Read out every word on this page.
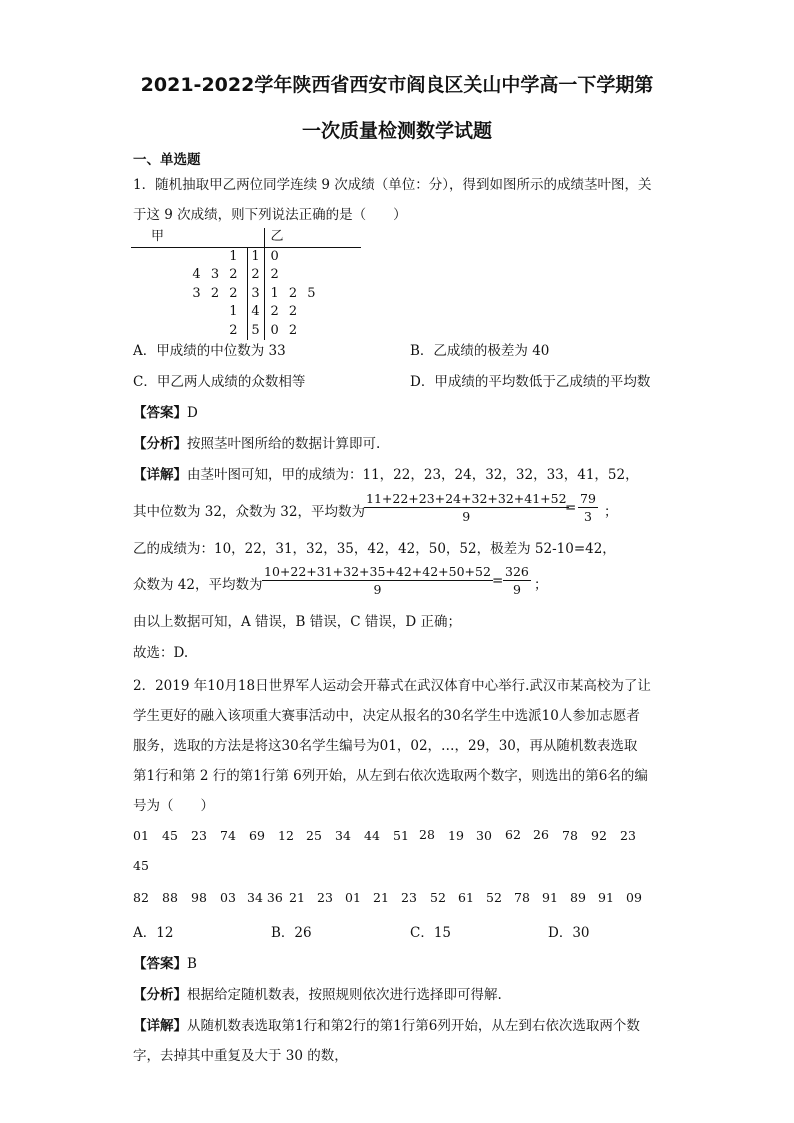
2021-2022学年陕西省西安市阎良区关山中学高一下学期第
一次质量检测数学试题
一、单选题
1．随机抽取甲乙两位同学连续 9 次成绩（单位：分），得到如图所示的成绩茎叶图，关
于这 9 次成绩，则下列说法正确的是（　　）
甲		乙
1	1	0
4 3 2	2	2
3 2 2	3	1 2 5
1	4	2 2
2	5	0 2
A．甲成绩的中位数为 33	B．乙成绩的极差为 40
C．甲乙两人成绩的众数相等	D．甲成绩的平均数低于乙成绩的平均数
【答案】D
【分析】按照茎叶图所给的数据计算即可.
【详解】由茎叶图可知，甲的成绩为：11，22，23，24，32，32，33，41，52，
其中位数为 32，众数为 32，平均数为 $\frac{11+22+23+24+32+32+41+52}{9}$
= $\frac{79}{3}$ ；
乙的成绩为：10，22，31，32，35，42，42，50，52，极差为 52-10=42，
众数为 42，平均数为 $\frac{10+22+31+32+35+42+42+50+52}{9} = \frac{326}{9}$ ；
由以上数据可知，A 错误，B 错误，C 错误，D 正确；
故选：D.
2．2019 年10月18日世界军人运动会开幕式在武汉体育中心举行.武汉市某高校为了让
学生更好的融入该项重大赛事活动中，决定从报名的30名学生中选派10人参加志愿者
服务，选取的方法是将这30名学生编号为01，02，…，29，30，再从随机数表选取
第1行和第 2 行的第1行第 6列开始，从左到右依次选取两个数字，则选出的第6名的编
号为（　　）
01 45 23 74 69 12 25 34 44 51 28 19 30 62 26 78 92 23
45
82 88 98 03 34 36 21 23 01 21 23 52 61 52 78 91 89 91 09
A．12	B．26	C．15	D．30
【答案】B
【分析】根据给定随机数表，按照规则依次进行选择即可得解.
【详解】从随机数表选取第1行和第2行的第1行第6列开始，从左到右依次选取两个数
字，去掉其中重复及大于 30 的数，
